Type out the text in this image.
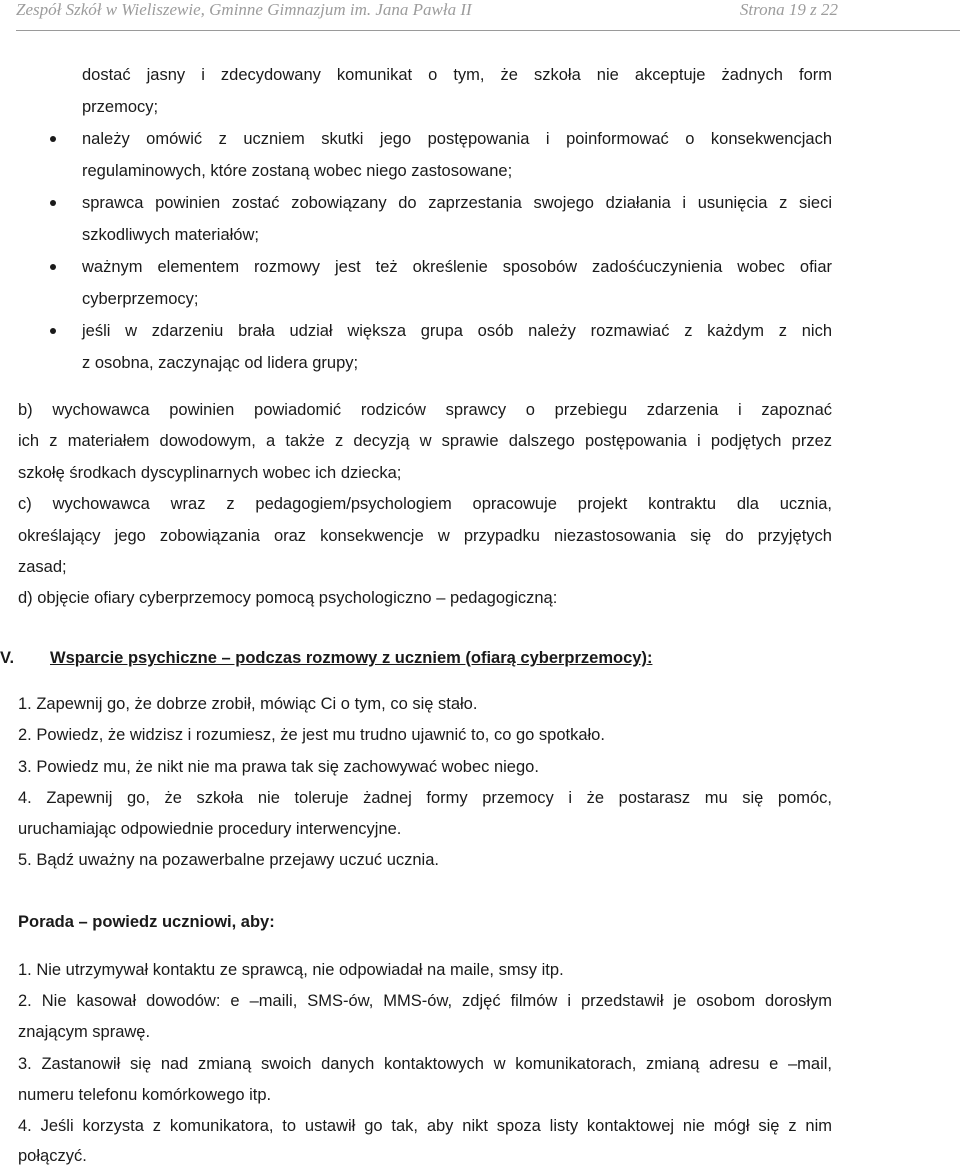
Zespół Szkół w Wieliszewie, Gminne Gimnazjum im. Jana Pawła II	Strona 19 z 22
dostać jasny i zdecydowany komunikat o tym, że szkoła nie akceptuje żadnych form
przemocy;
należy omówić z uczniem skutki jego postępowania i poinformować o konsekwencjach
regulaminowych, które zostaną wobec niego zastosowane;
sprawca powinien zostać zobowiązany do zaprzestania swojego działania i usunięcia z sieci
szkodliwych materiałów;
ważnym elementem rozmowy jest też określenie sposobów zadośćuczynienia wobec ofiar
cyberprzemocy;
jeśli w zdarzeniu brała udział większa grupa osób należy rozmawiać z każdym z nich
z osobna, zaczynając od lidera grupy;
b) wychowawca powinien powiadomić rodziców sprawcy o przebiegu zdarzenia i zapoznać
ich z materiałem dowodowym, a także z decyzją w sprawie dalszego postępowania i podjętych przez
szkołę środkach dyscyplinarnych wobec ich dziecka;
c) wychowawca wraz z pedagogiem/psychologiem opracowuje projekt kontraktu dla ucznia,
określający jego zobowiązania oraz konsekwencje w przypadku niezastosowania się do przyjętych
zasad;
d) objęcie ofiary cyberprzemocy pomocą psychologiczno – pedagogiczną:
V. Wsparcie psychiczne – podczas rozmowy z uczniem (ofiarą cyberprzemocy):
1. Zapewnij go, że dobrze zrobił, mówiąc Ci o tym, co się stało.
2. Powiedz, że widzisz i rozumiesz, że jest mu trudno ujawnić to, co go spotkało.
3. Powiedz mu, że nikt nie ma prawa tak się zachowywać wobec niego.
4. Zapewnij go, że szkoła nie toleruje żadnej formy przemocy i że postarasz mu się pomóc,
uruchamiając odpowiednie procedury interwencyjne.
5. Bądź uważny na pozawerbalne przejawy uczuć ucznia.
Porada – powiedz uczniowi, aby:
1. Nie utrzymywał kontaktu ze sprawcą, nie odpowiadał na maile, smsy itp.
2. Nie kasował dowodów: e –maili, SMS-ów, MMS-ów, zdjęć filmów i przedstawił je osobom dorosłym
znającym sprawę.
3. Zastanowił się nad zmianą swoich danych kontaktowych w komunikatorach, zmianą adresu e –mail,
numeru telefonu komórkowego itp.
4. Jeśli korzysta z komunikatora, to ustawił go tak, aby nikt spoza listy kontaktowej nie mógł się z nim
połączyć.
